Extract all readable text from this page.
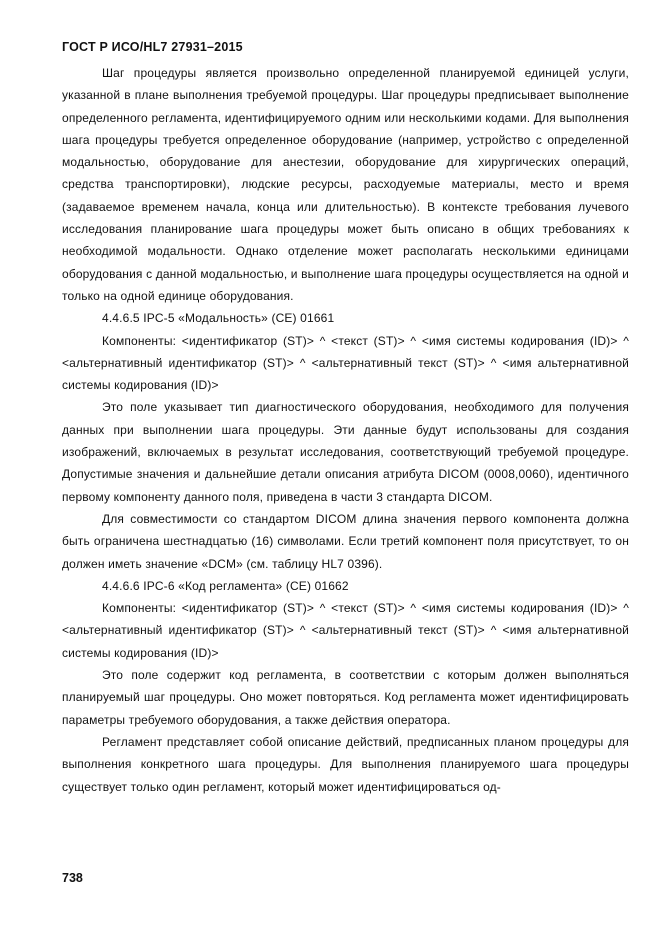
ГОСТ Р ИСО/HL7 27931–2015

Шаг процедуры является произвольно определенной планируемой единицей услуги, указанной в плане выполнения требуемой процедуры. Шаг процедуры предписывает выполнение определенного регламента, идентифицируемого одним или несколькими кодами. Для выполнения шага процедуры требуется определенное оборудование (например, устройство с определенной модальностью, оборудование для анестезии, оборудование для хирургических операций, средства транспортировки), людские ресурсы, расходуемые материалы, место и время (задаваемое временем начала, конца или длительностью). В контексте требования лучевого исследования планирование шага процедуры может быть описано в общих требованиях к необходимой модальности. Однако отделение может располагать несколькими единицами оборудования с данной модальностью, и выполнение шага процедуры осуществляется на одной и только на одной единице оборудования.

4.4.6.5 IPC-5 «Модальность» (CE) 01661

Компоненты: <идентификатор (ST)> ^ <текст (ST)> ^ <имя системы кодирования (ID)> ^ <альтернативный идентификатор (ST)> ^ <альтернативный текст (ST)> ^ <имя альтернативной системы кодирования (ID)>

Это поле указывает тип диагностического оборудования, необходимого для получения данных при выполнении шага процедуры. Эти данные будут использованы для создания изображений, включаемых в результат исследования, соответствующий требуемой процедуре. Допустимые значения и дальнейшие детали описания атрибута DICOM (0008,0060), идентичного первому компоненту данного поля, приведена в части 3 стандарта DICOM.

Для совместимости со стандартом DICOM длина значения первого компонента должна быть ограничена шестнадцатью (16) символами. Если третий компонент поля присутствует, то он должен иметь значение «DCM» (см. таблицу HL7 0396).

4.4.6.6 IPC-6 «Код регламента» (CE) 01662

Компоненты: <идентификатор (ST)> ^ <текст (ST)> ^ <имя системы кодирования (ID)> ^ <альтернативный идентификатор (ST)> ^ <альтернативный текст (ST)> ^ <имя альтернативной системы кодирования (ID)>

Это поле содержит код регламента, в соответствии с которым должен выполняться планируемый шаг процедуры. Оно может повторяться. Код регламента может идентифицировать параметры требуемого оборудования, а также действия оператора.

Регламент представляет собой описание действий, предписанных планом процедуры для выполнения конкретного шага процедуры. Для выполнения планируемого шага процедуры существует только один регламент, который может идентифицироваться од-

738
